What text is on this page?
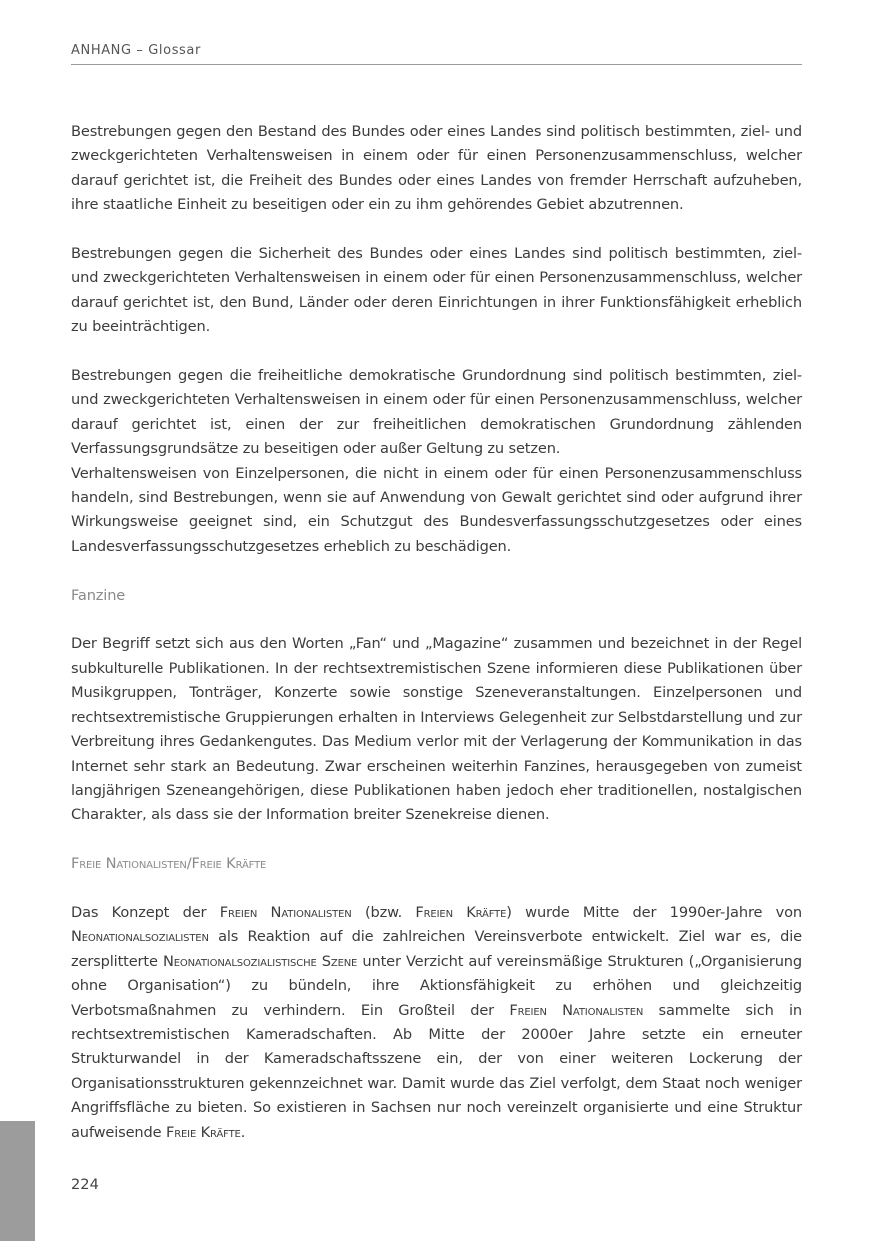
ANHANG – Glossar

Bestrebungen gegen den Bestand des Bundes oder eines Landes sind politisch bestimmten, ziel- und zweckgerichteten Verhaltensweisen in einem oder für einen Personenzusammenschluss, welcher darauf gerichtet ist, die Freiheit des Bundes oder eines Landes von fremder Herrschaft aufzuheben, ihre staatliche Einheit zu beseitigen oder ein zu ihm gehörendes Gebiet abzutrennen.

Bestrebungen gegen die Sicherheit des Bundes oder eines Landes sind politisch bestimmten, ziel- und zweckgerichteten Verhaltensweisen in einem oder für einen Personenzusammenschluss, welcher darauf gerichtet ist, den Bund, Länder oder deren Einrichtungen in ihrer Funktionsfähigkeit erheblich zu beeinträchtigen.

Bestrebungen gegen die freiheitliche demokratische Grundordnung sind politisch bestimmten, ziel- und zweckgerichteten Verhaltensweisen in einem oder für einen Personenzusammenschluss, welcher darauf gerichtet ist, einen der zur freiheitlichen demokratischen Grundordnung zählenden Verfassungsgrundsätze zu beseitigen oder außer Geltung zu setzen.

Verhaltensweisen von Einzelpersonen, die nicht in einem oder für einen Personenzusammenschluss handeln, sind Bestrebungen, wenn sie auf Anwendung von Gewalt gerichtet sind oder aufgrund ihrer Wirkungsweise geeignet sind, ein Schutzgut des Bundesverfassungsschutzgesetzes oder eines Landesverfassungsschutzgesetzes erheblich zu beschädigen.

Fanzine

Der Begriff setzt sich aus den Worten „Fan“ und „Magazine“ zusammen und bezeichnet in der Regel subkulturelle Publikationen. In der rechtsextremistischen Szene informieren diese Publikationen über Musikgruppen, Tonträger, Konzerte sowie sonstige Szeneveranstaltungen. Einzelpersonen und rechtsextremistische Gruppierungen erhalten in Interviews Gelegenheit zur Selbstdarstellung und zur Verbreitung ihres Gedankengutes. Das Medium verlor mit der Verlagerung der Kommunikation in das Internet sehr stark an Bedeutung. Zwar erscheinen weiterhin Fanzines, herausgegeben von zumeist langjährigen Szeneangehörigen, diese Publikationen haben jedoch eher traditionellen, nostalgischen Charakter, als dass sie der Information breiter Szenekreise dienen.

Freie Nationalisten/Freie Kräfte

Das Konzept der Freien Nationalisten (bzw. Freien Kräfte) wurde Mitte der 1990er-Jahre von Neonationalsozialisten als Reaktion auf die zahlreichen Vereinsverbote entwickelt. Ziel war es, die zersplitterte Neonationalsozialistische Szene unter Verzicht auf vereinsmäßige Strukturen („Organisierung ohne Organisation“) zu bündeln, ihre Aktionsfähigkeit zu erhöhen und gleichzeitig Verbotsmaßnahmen zu verhindern. Ein Großteil der Freien Nationalisten sammelte sich in rechtsextremistischen Kameradschaften. Ab Mitte der 2000er Jahre setzte ein erneuter Strukturwandel in der Kameradschaftsszene ein, der von einer weiteren Lockerung der Organisationsstrukturen gekennzeichnet war. Damit wurde das Ziel verfolgt, dem Staat noch weniger Angriffsfläche zu bieten. So existieren in Sachsen nur noch vereinzelt organisierte und eine Struktur aufweisende Freie Kräfte.

224
